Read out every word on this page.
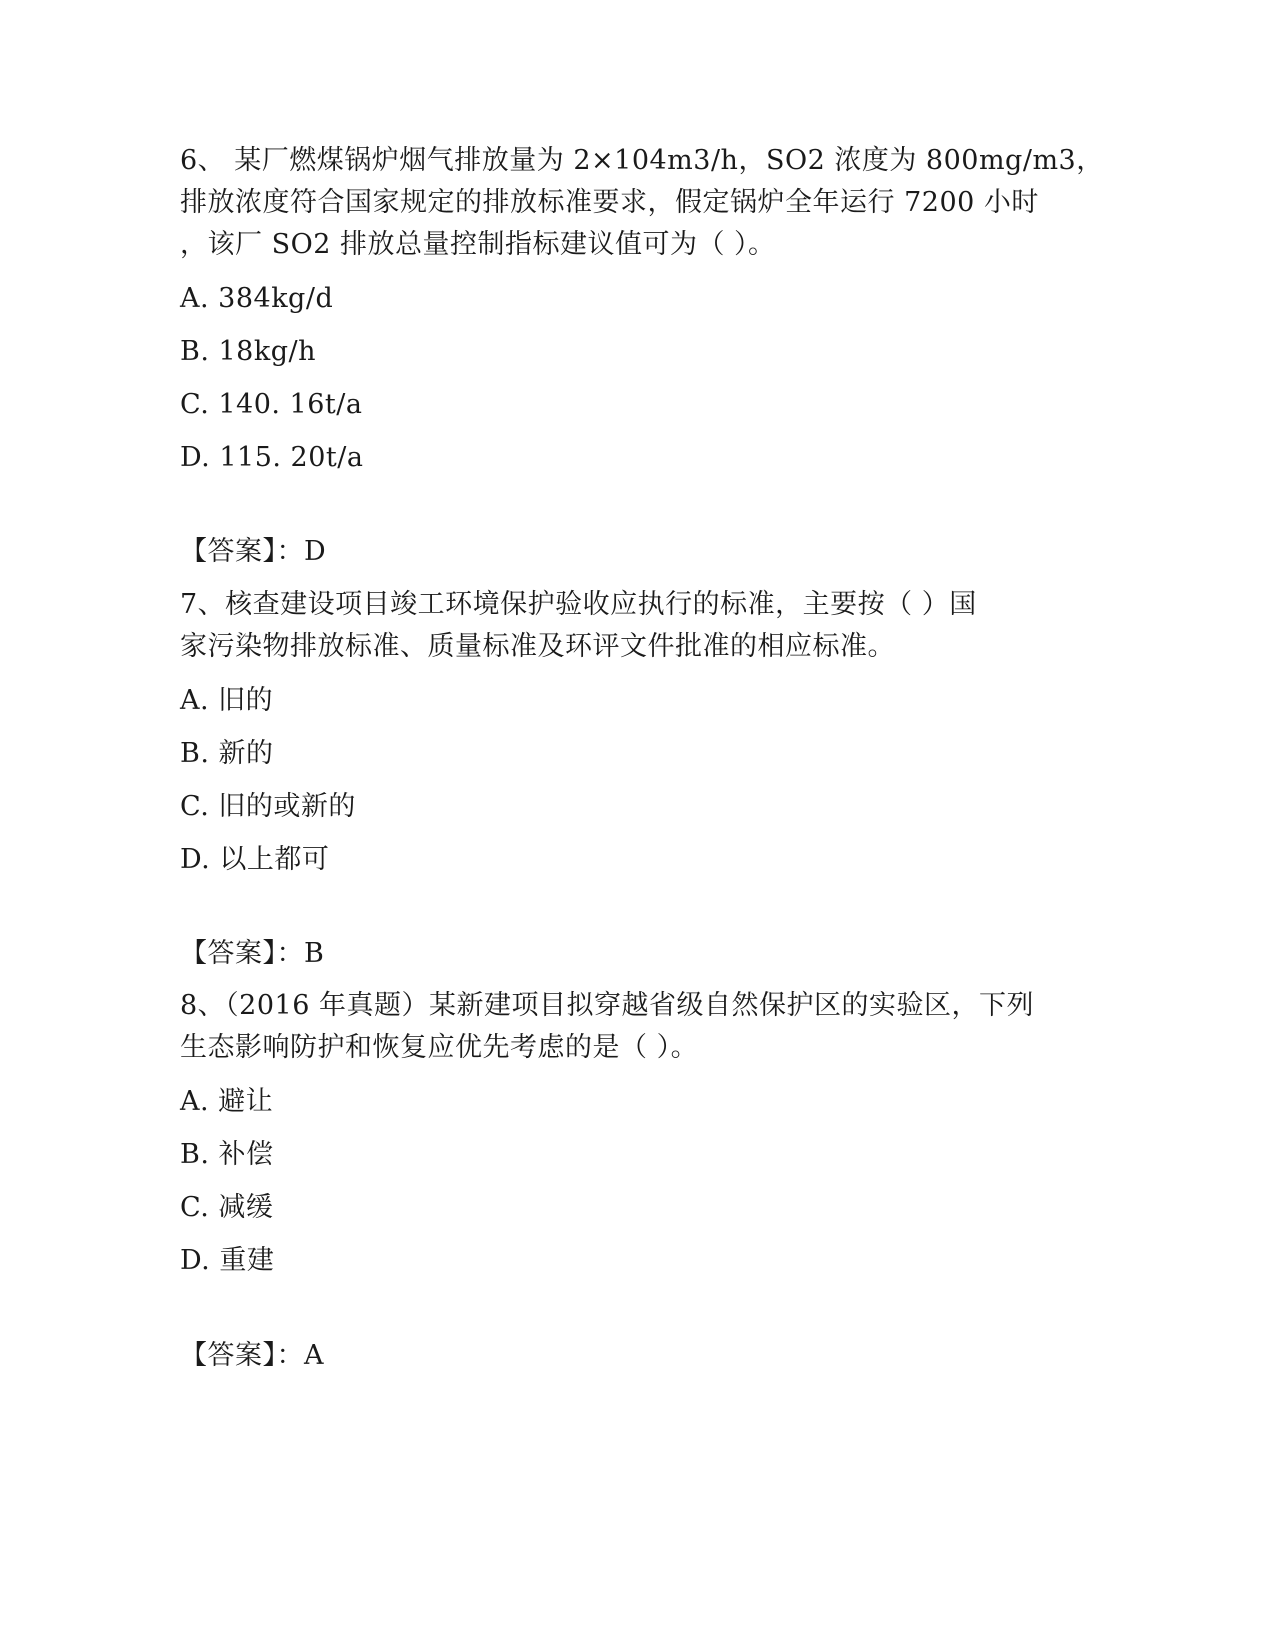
6、 某厂燃煤锅炉烟气排放量为 2×104m3/h，SO2 浓度为 800mg/m3，
排放浓度符合国家规定的排放标准要求，假定锅炉全年运行 7200 小时
，该厂 SO2 排放总量控制指标建议值可为（ ）。
A. 384kg/d
B. 18kg/h
C. 140. 16t/a
D. 115. 20t/a
【答案】：D
7、核查建设项目竣工环境保护验收应执行的标准，主要按（ ）国
家污染物排放标准、质量标准及环评文件批准的相应标准。
A. 旧的
B. 新的
C. 旧的或新的
D. 以上都可
【答案】：B
8、（2016 年真题）某新建项目拟穿越省级自然保护区的实验区，下列
生态影响防护和恢复应优先考虑的是（ ）。
A. 避让
B. 补偿
C. 减缓
D. 重建
【答案】：A
